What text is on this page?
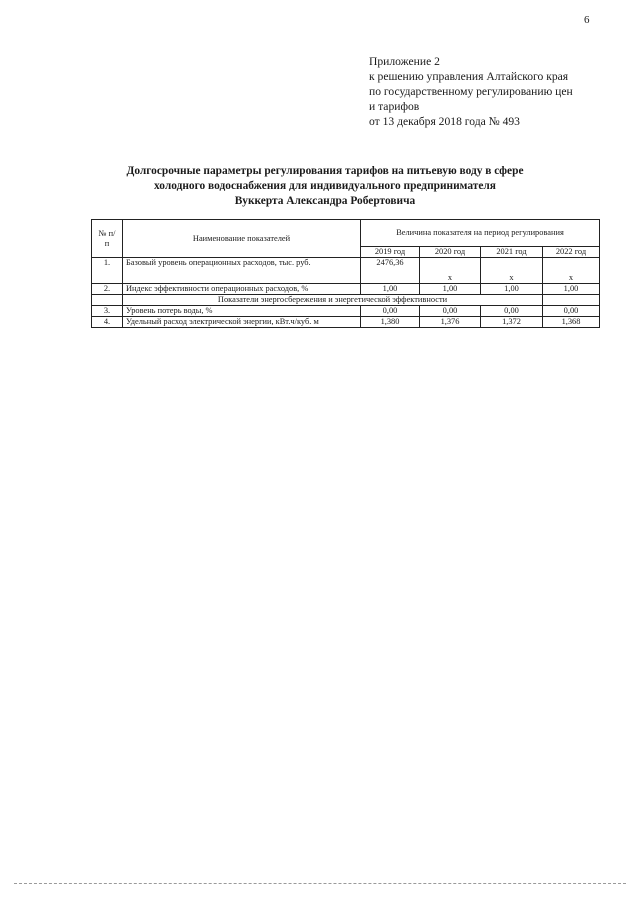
6
Приложение 2
к решению управления Алтайского края
по государственному регулированию цен
и тарифов
от 13 декабря 2018 года № 493
Долгосрочные параметры регулирования тарифов на питьевую воду в сфере
холодного водоснабжения для индивидуального предпринимателя
Вуккерта Александра Робертовича
№ п/п	Наименование показателей	Величина показателя на период регулирования			
		2019 год	2020 год	2021 год	2022 год
1.	Базовый уровень операционных расходов, тыс. руб.	2476,36	x	x	x
2.	Индекс эффективности операционных расходов, %	1,00	1,00	1,00	1,00
	Показатели энергосбережения и энергетической эффективности				
3.	Уровень потерь воды, %	0,00	0,00	0,00	0,00
4.	Удельный расход электрической энергии, кВт.ч/куб. м	1,380	1,376	1,372	1,368
